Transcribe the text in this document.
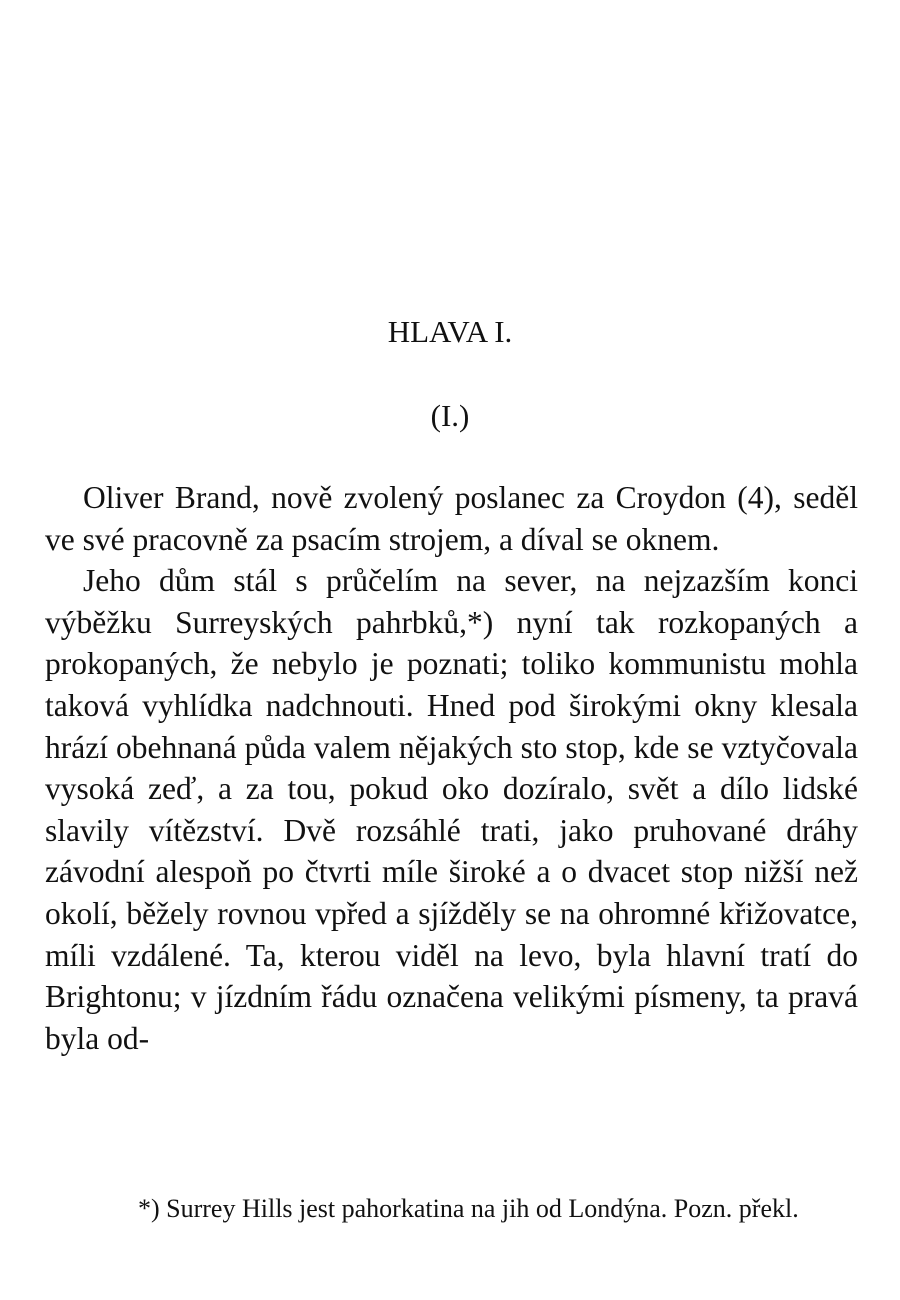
HLAVA I.
(I.)

Oliver Brand, nově zvolený poslanec za Croydon (4), seděl ve své pracovně za psacím strojem, a díval se oknem.

Jeho dům stál s průčelím na sever, na nejzazším konci výběžku Surreyských pahrbků,*) nyní tak rozkopaných a prokopaných, že nebylo je poznati; toliko kommunistu mohla taková vyhlídka nadchnouti. Hned pod širokými okny klesala hrází obehnaná půda valem nějakých sto stop, kde se vztyčovala vysoká zeď, a za tou, pokud oko dozíralo, svět a dílo lidské slavily vítězství. Dvě rozsáhlé trati, jako pruhované dráhy závodní alespoň po čtvrti míle široké a o dvacet stop nižší než okolí, běžely rovnou vpřed a sjížděly se na ohromné křižovatce, míli vzdálené. Ta, kterou viděl na levo, byla hlavní tratí do Brightonu; v jízdním řádu označena velikými písmeny, ta pravá byla od-

*) Surrey Hills jest pahorkatina na jih od Londýna. Pozn. překl.
